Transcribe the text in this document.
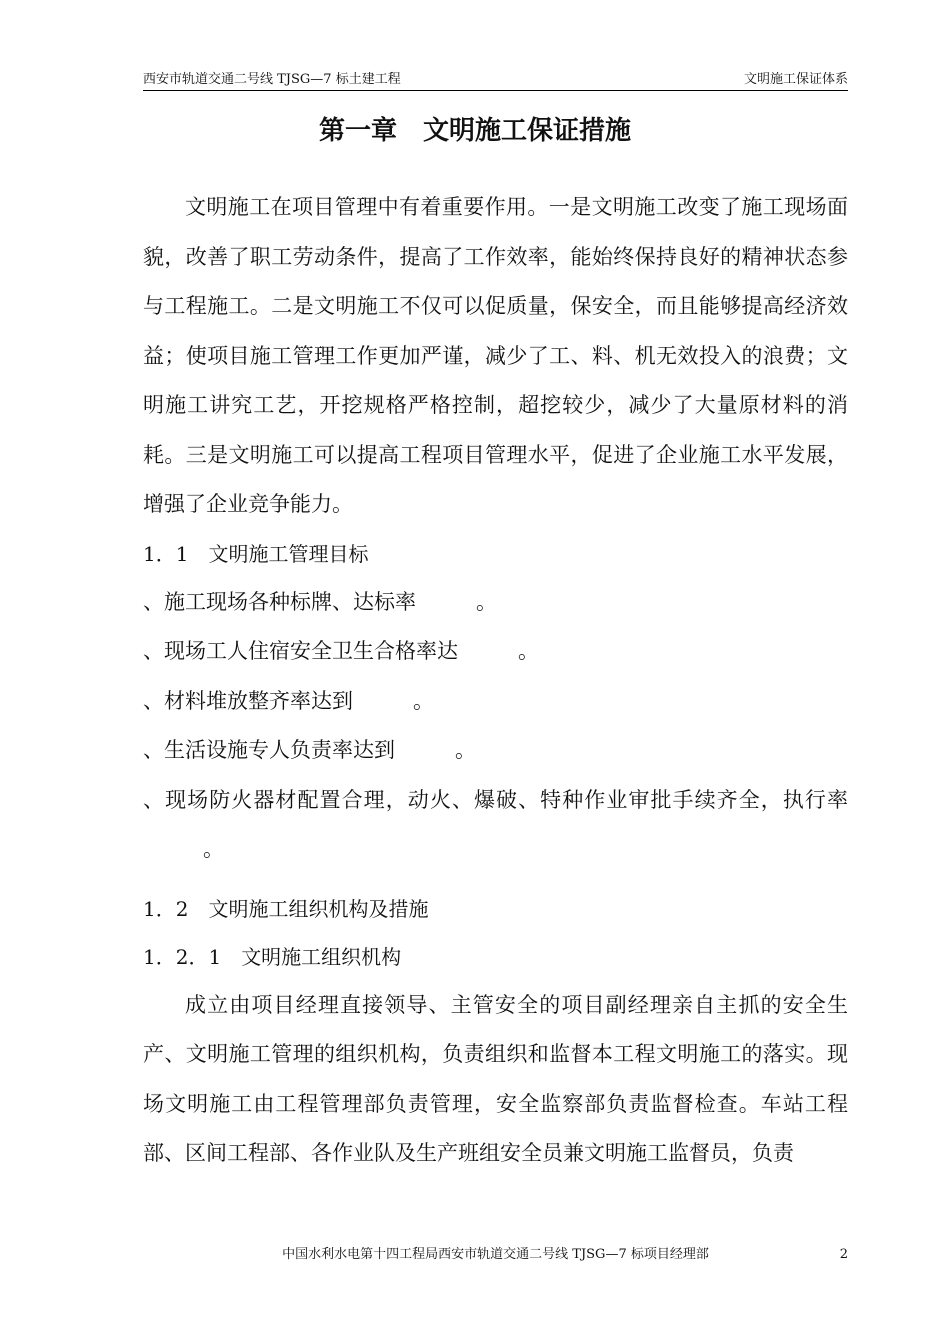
西安市轨道交通二号线 TJSG—7 标土建工程	文明施工保证体系
第一章　文明施工保证措施

文明施工在项目管理中有着重要作用。一是文明施工改变了施工现场面貌，改善了职工劳动条件，提高了工作效率，能始终保持良好的精神状态参与工程施工。二是文明施工不仅可以促质量，保安全，而且能够提高经济效益；使项目施工管理工作更加严谨，减少了工、料、机无效投入的浪费；文明施工讲究工艺，开挖规格严格控制，超挖较少，减少了大量原材料的消耗。三是文明施工可以提高工程项目管理水平，促进了企业施工水平发展，增强了企业竞争能力。

1．1　 文明施工管理目标

、施工现场各种标牌、达标率	。

、现场工人住宿安全卫生合格率达	。

、材料堆放整齐率达到	。

、生活设施专人负责率达到	。

、现场防火器材配置合理，动火、爆破、特种作业审批手续齐全，执行率。

1．2　 文明施工组织机构及措施

1．2．1　 文明施工组织机构

成立由项目经理直接领导、主管安全的项目副经理亲自主抓的安全生产、文明施工管理的组织机构，负责组织和监督本工程文明施工的落实。现场文明施工由工程管理部负责管理，安全监察部负责监督检查。车站工程部、区间工程部、各作业队及生产班组安全员兼文明施工监督员，负责

中国水利水电第十四工程局西安市轨道交通二号线 TJSG—7 标项目经理部	2
